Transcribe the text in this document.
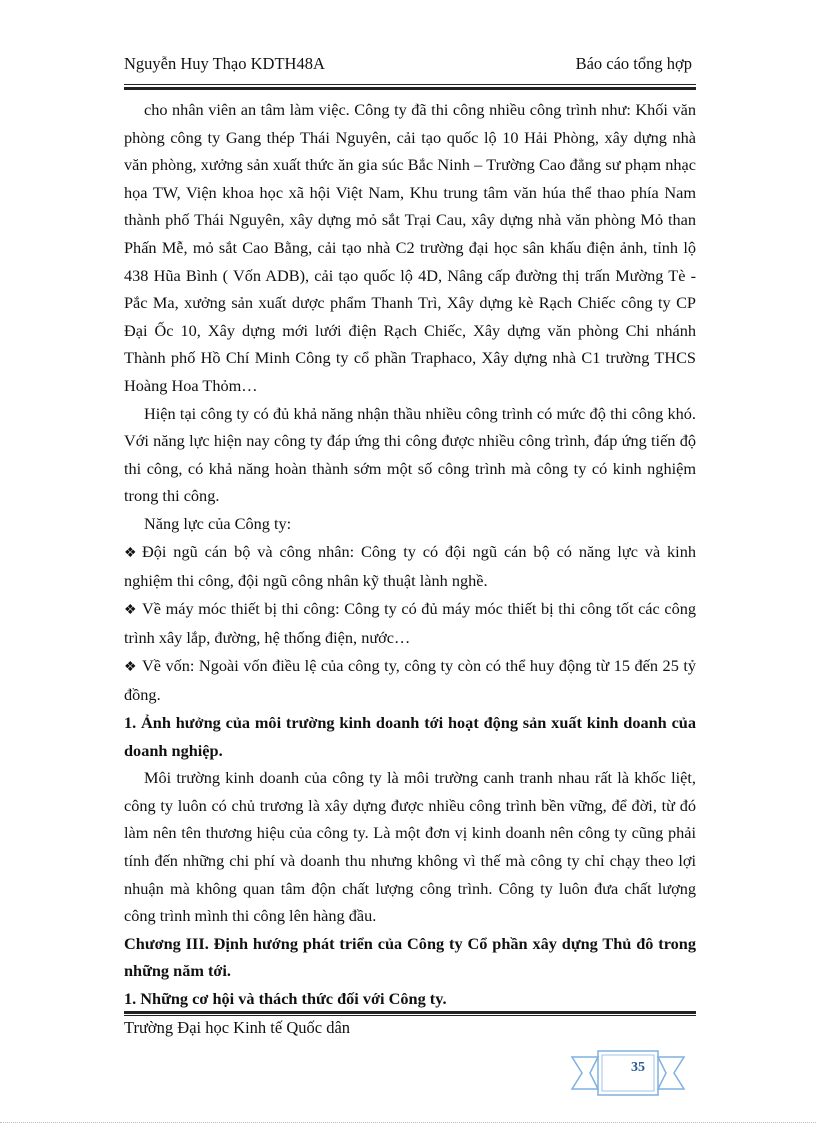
Nguyễn Huy Thạo KDTH48A	Báo cáo tổng hợp

cho nhân viên an tâm làm việc. Công ty đã thi công nhiều công trình như: Khối văn phòng công ty Gang thép Thái Nguyên, cải tạo quốc lộ 10 Hải Phòng, xây dựng nhà văn phòng, xưởng sản xuất thức ăn gia súc Bắc Ninh – Trường Cao đẳng sư phạm nhạc họa TW, Viện khoa học xã hội Việt Nam, Khu trung tâm văn húa thể thao phía Nam thành phố Thái Nguyên, xây dựng mỏ sắt Trại Cau, xây dựng nhà văn phòng Mỏ than Phấn Mễ, mỏ sắt Cao Bằng, cải tạo nhà C2 trường đại học sân khấu điện ảnh, tỉnh lộ 438 Hũa Bình ( Vốn ADB), cải tạo quốc lộ 4D, Nâng cấp đường thị trấn Mường Tè - Pắc Ma, xưởng sản xuất dược phẩm Thanh Trì, Xây dựng kè Rạch Chiếc công ty CP Đại Ốc 10, Xây dựng mới lưới điện Rạch Chiếc, Xây dựng văn phòng Chi nhánh Thành phố Hồ Chí Minh Công ty cổ phần Traphaco, Xây dựng nhà C1 trường THCS Hoàng Hoa Thỏm…

Hiện tại công ty có đủ khả năng nhận thầu nhiều công trình có mức độ thi công khó. Với năng lực hiện nay công ty đáp ứng thi công được nhiều công trình, đáp ứng tiến độ thi công, có khả năng hoàn thành sớm một số công trình mà công ty có kinh nghiệm trong thi công.

Năng lực của Công ty:

❖ Đội ngũ cán bộ và công nhân: Công ty có đội ngũ cán bộ có năng lực và kinh nghiệm thi công, đội ngũ công nhân kỹ thuật lành nghề.

❖ Về máy móc thiết bị thi công: Công ty có đủ máy móc thiết bị thi công tốt các công trình xây lắp, đường, hệ thống điện, nước…

❖ Về vốn: Ngoài vốn điều lệ của công ty, công ty còn có thể huy động từ 15 đến 25 tỷ đồng.

1. Ảnh hưởng của môi trường kinh doanh tới hoạt động sản xuất kinh doanh của doanh nghiệp.

Môi trường kinh doanh của công ty là môi trường canh tranh nhau rất là khốc liệt, công ty luôn có chủ trương là xây dựng được nhiều công trình bền vững, để đời, từ đó làm nên tên thương hiệu của công ty. Là một đơn vị kinh doanh nên công ty cũng phải tính đến những chi phí và doanh thu nhưng không vì thế mà công ty chỉ chạy theo lợi nhuận mà không quan tâm độn chất lượng công trình. Công ty luôn đưa chất lượng công trình mình thi công lên hàng đầu.

Chương III. Định hướng phát triển của Công ty Cổ phần xây dựng Thủ đô trong những năm tới.

1. Những cơ hội và thách thức đối với Công ty.

Trường Đại học Kinh tế Quốc dân
35
